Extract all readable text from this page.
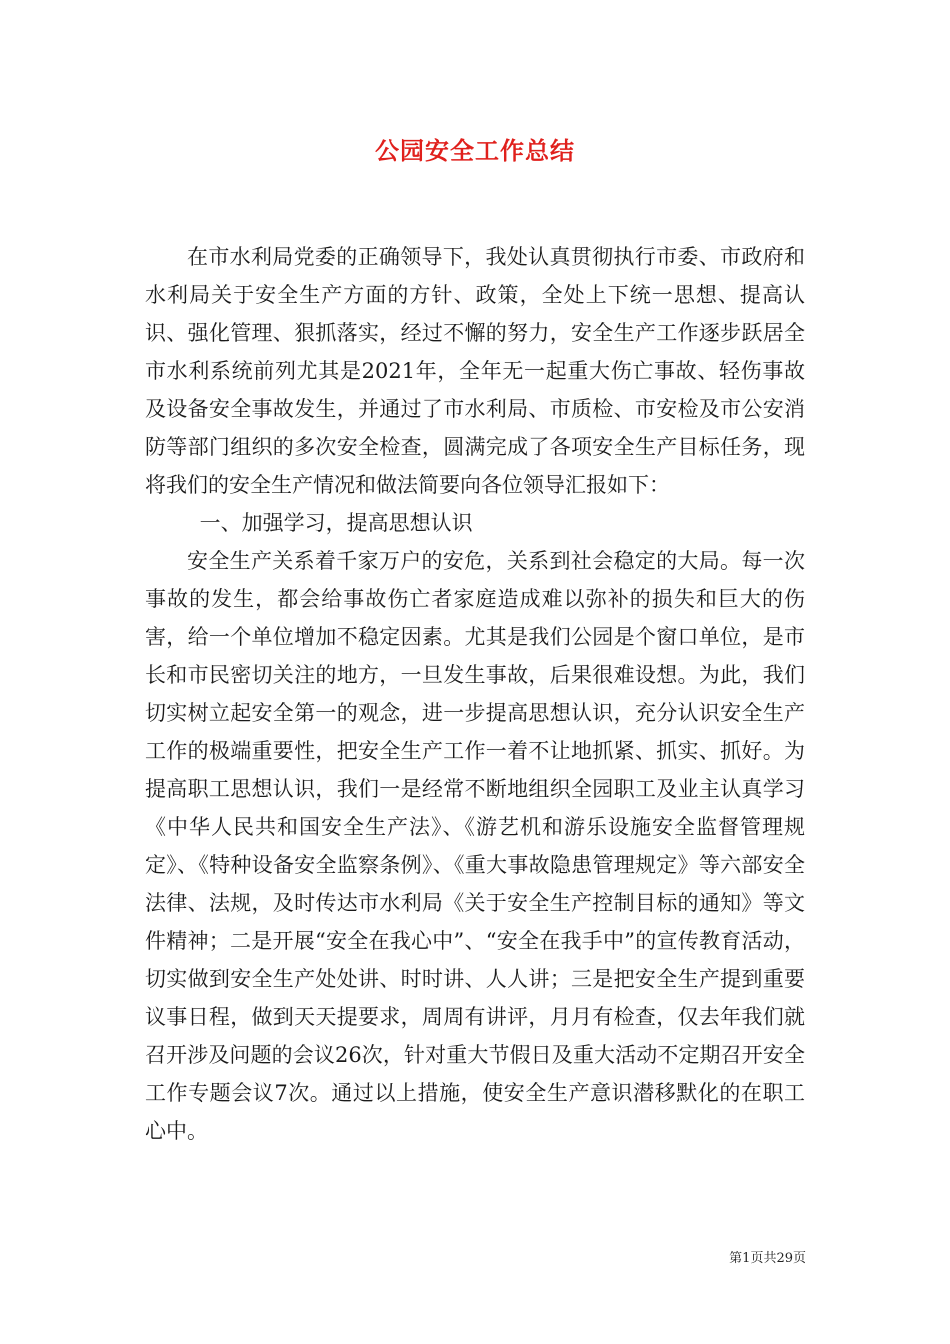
公园安全工作总结

在市水利局党委的正确领导下，我处认真贯彻执行市委、市政府和水利局关于安全生产方面的方针、政策，全处上下统一思想、提高认识、强化管理、狠抓落实，经过不懈的努力，安全生产工作逐步跃居全市水利系统前列尤其是2021年，全年无一起重大伤亡事故、轻伤事故及设备安全事故发生，并通过了市水利局、市质检、市安检及市公安消防等部门组织的多次安全检查，圆满完成了各项安全生产目标任务，现将我们的安全生产情况和做法简要向各位领导汇报如下：

一、加强学习，提高思想认识

安全生产关系着千家万户的安危，关系到社会稳定的大局。每一次事故的发生，都会给事故伤亡者家庭造成难以弥补的损失和巨大的伤害，给一个单位增加不稳定因素。尤其是我们公园是个窗口单位，是市长和市民密切关注的地方，一旦发生事故，后果很难设想。为此，我们切实树立起安全第一的观念，进一步提高思想认识，充分认识安全生产工作的极端重要性，把安全生产工作一着不让地抓紧、抓实、抓好。为提高职工思想认识，我们一是经常不断地组织全园职工及业主认真学习《中华人民共和国安全生产法》、《游艺机和游乐设施安全监督管理规定》、《特种设备安全监察条例》、《重大事故隐患管理规定》等六部安全法律、法规，及时传达市水利局《关于安全生产控制目标的通知》等文件精神；二是开展“安全在我心中”、“安全在我手中”的宣传教育活动，切实做到安全生产处处讲、时时讲、人人讲；三是把安全生产提到重要议事日程，做到天天提要求，周周有讲评，月月有检查，仅去年我们就召开涉及问题的会议26次，针对重大节假日及重大活动不定期召开安全工作专题会议7次。通过以上措施，使安全生产意识潜移默化的在职工心中。

第1页共29页
